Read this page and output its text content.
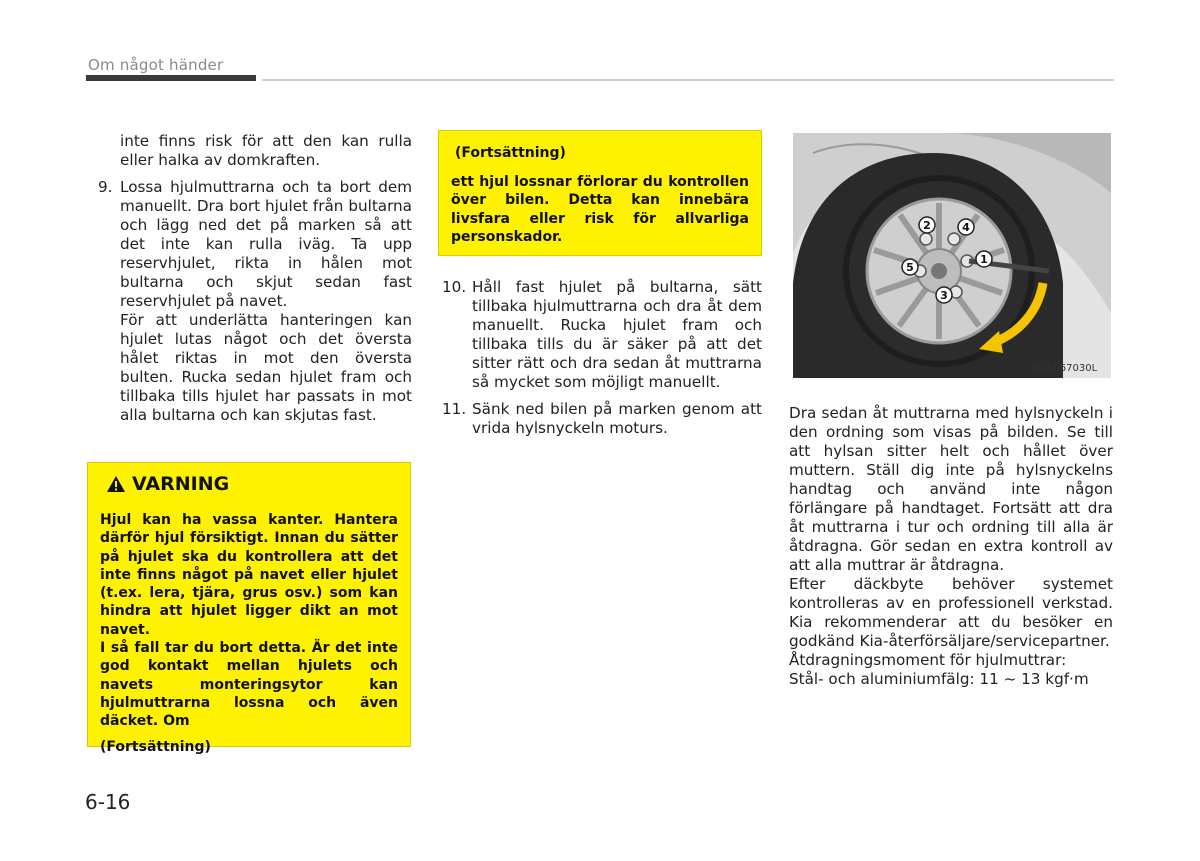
Om något händer

inte finns risk för att den kan rulla eller halka av domkraften.

9. Lossa hjulmuttrarna och ta bort dem manuellt. Dra bort hjulet från bultarna och lägg ned det på marken så att det inte kan rulla iväg. Ta upp reservhjulet, rikta in hålen mot bultarna och skjut sedan fast reservhjulet på navet.

För att underlätta hanteringen kan hjulet lutas något och det översta hålet riktas in mot den översta bulten. Rucka sedan hjulet fram och tillbaka tills hjulet har passats in mot alla bultarna och kan skjutas fast.

VARNING

Hjul kan ha vassa kanter. Hantera därför hjul försiktigt. Innan du sätter på hjulet ska du kontrollera att det inte finns något på navet eller hjulet (t.ex. lera, tjära, grus osv.) som kan hindra att hjulet ligger dikt an mot navet.

I så fall tar du bort detta. Är det inte god kontakt mellan hjulets och navets monteringsytor kan hjulmuttrarna lossna och även däcket. Om

(Fortsättning)
(Fortsättning)

ett hjul lossnar förlorar du kontrollen över bilen. Detta kan innebära livsfara eller risk för allvarliga personskador.

10. Håll fast hjulet på bultarna, sätt tillbaka hjulmuttrarna och dra åt dem manuellt. Rucka hjulet fram och tillbaka tills du är säker på att det sitter rätt och dra sedan åt muttrarna så mycket som möjligt manuellt.

11. Sänk ned bilen på marken genom att vrida hylsnyckeln moturs.

1
2
3
4
5
OCK067030L

Dra sedan åt muttrarna med hylsnyckeln i den ordning som visas på bilden. Se till att hylsan sitter helt och hållet över muttern. Ställ dig inte på hylsnyckelns handtag och använd inte någon förlängare på handtaget. Fortsätt att dra åt muttrarna i tur och ordning till alla är åtdragna. Gör sedan en extra kontroll av att alla muttrar är åtdragna.

Efter däckbyte behöver systemet kontrolleras av en professionell verkstad. Kia rekommenderar att du besöker en godkänd Kia-återförsäljare/servicepartner.

Åtdragningsmoment för hjulmuttrar:

Stål- och aluminiumfälg: 11 ~ 13 kgf·m

6-16
